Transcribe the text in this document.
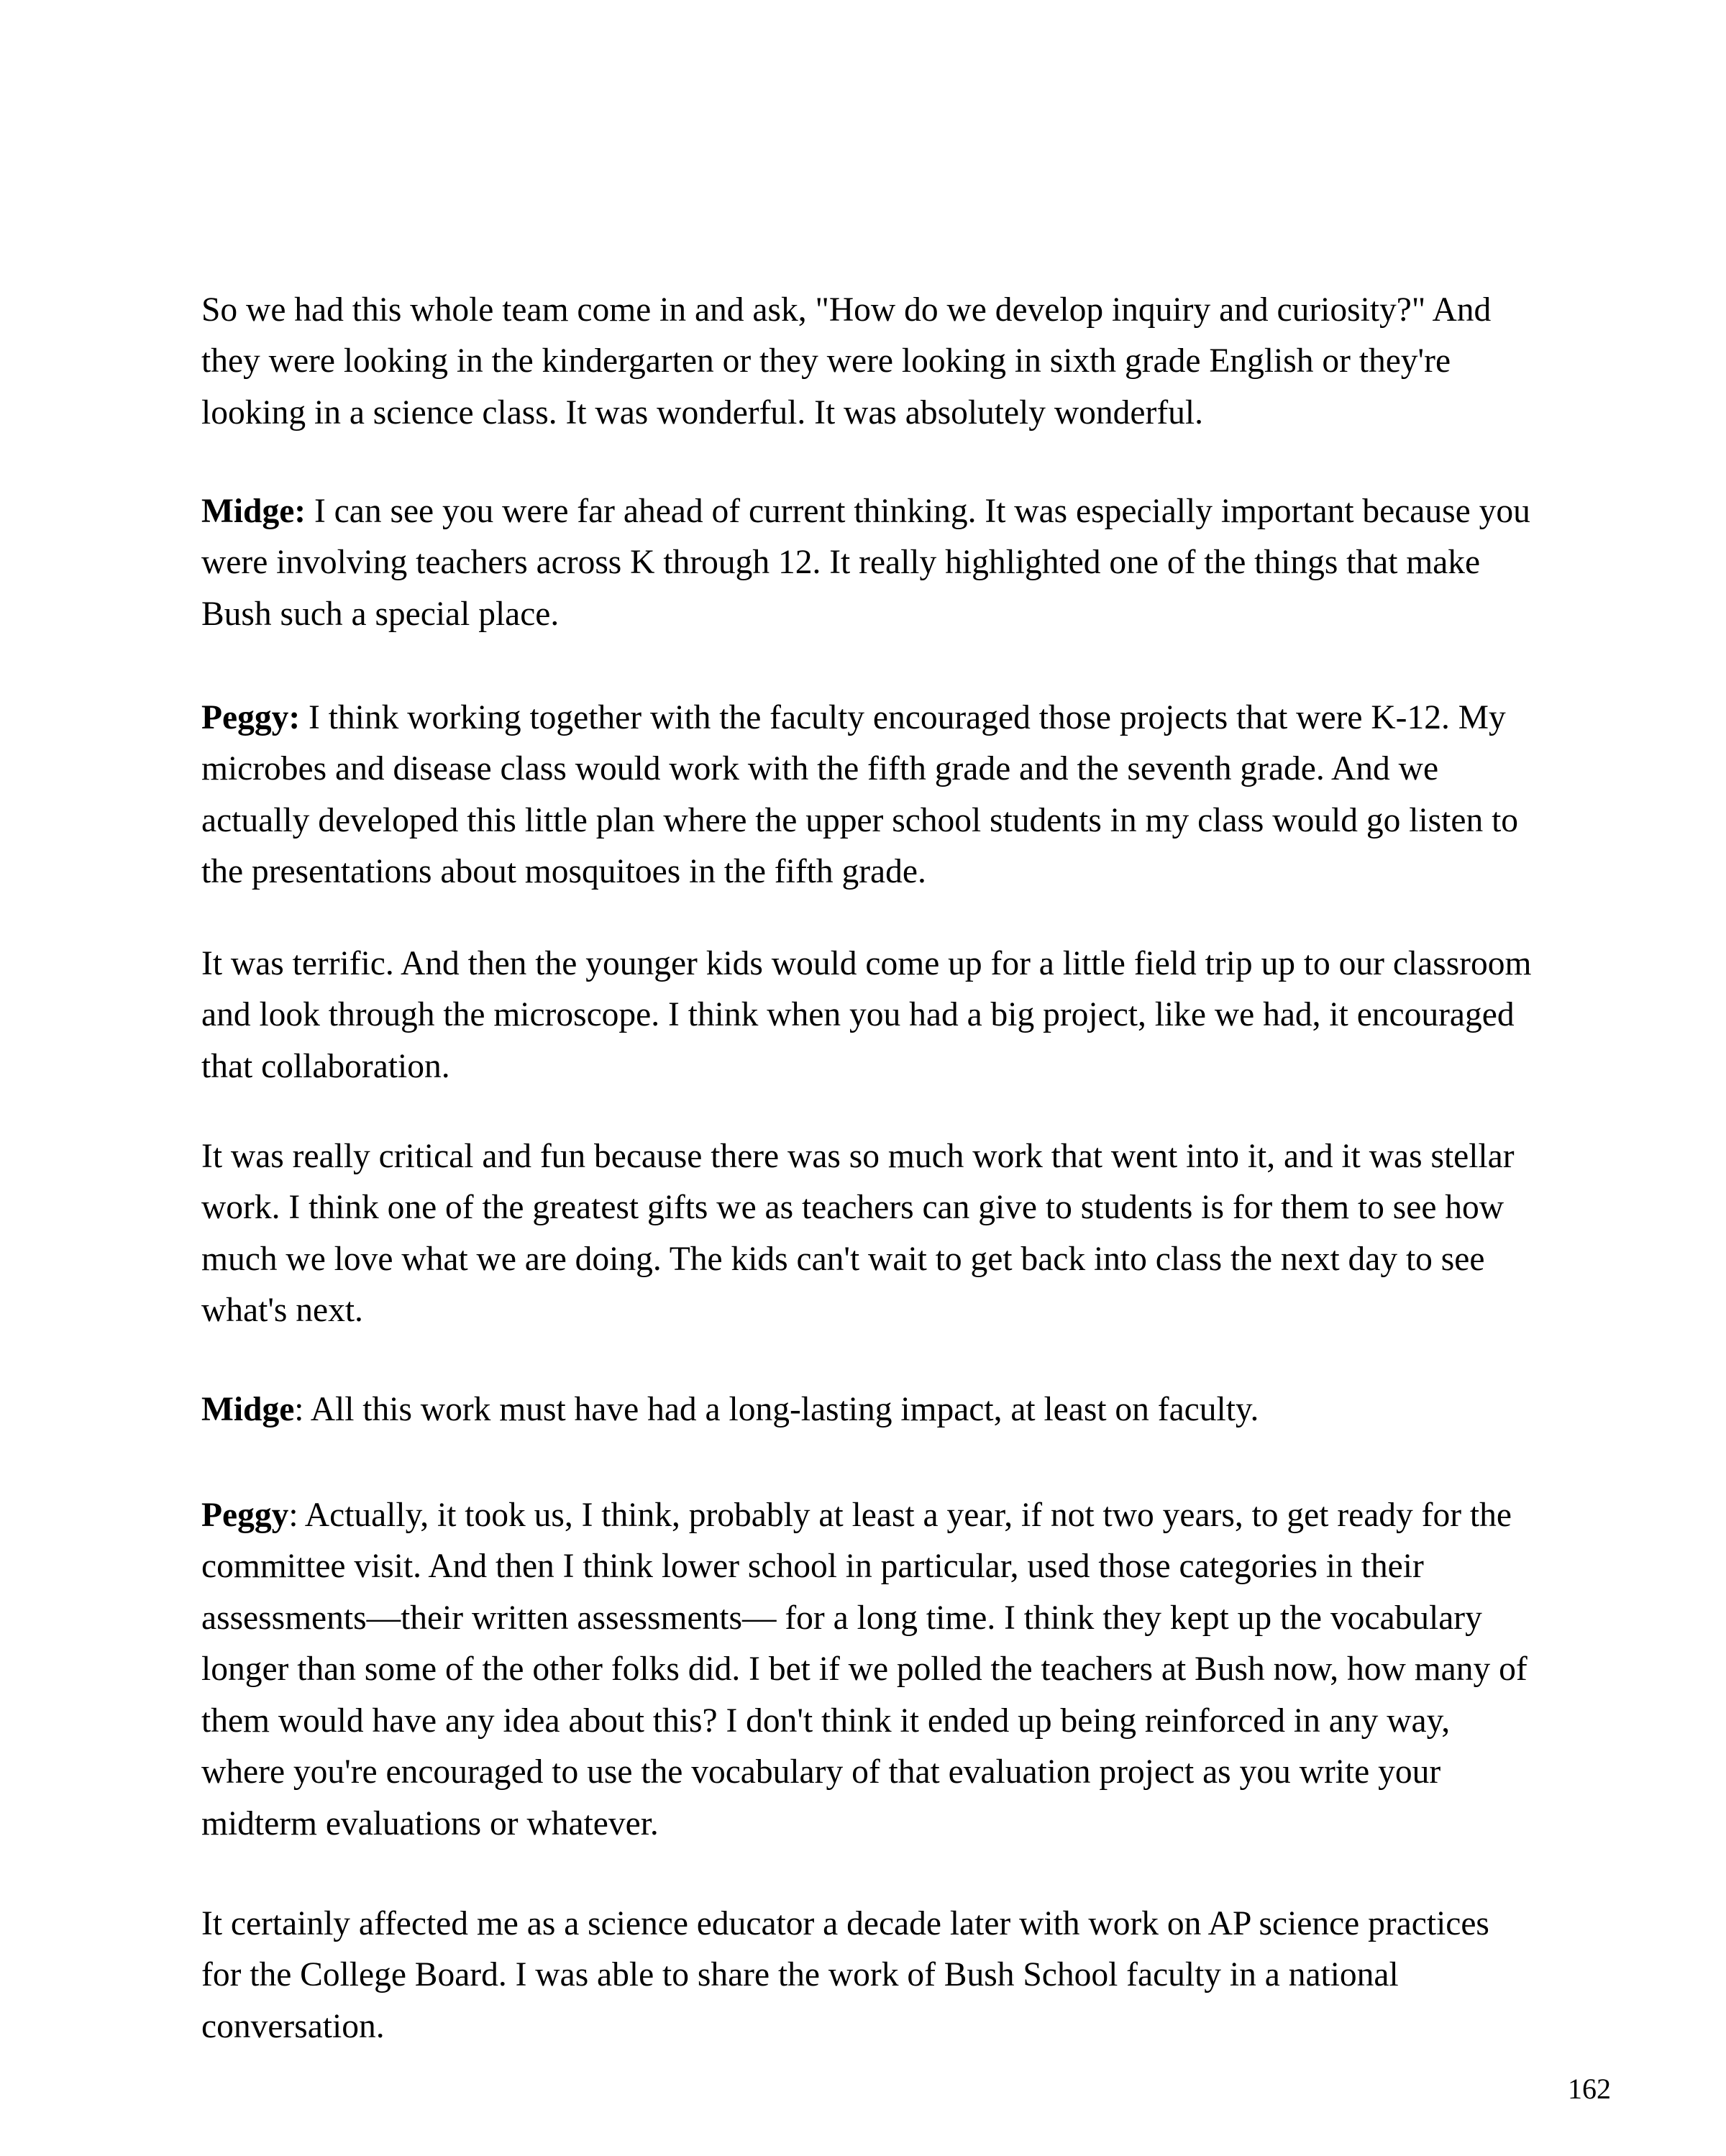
So we had this whole team come in and ask, "How do we develop inquiry and curiosity?" And
they were looking in the kindergarten or they were looking in sixth grade English or they're
looking in a science class. It was wonderful. It was absolutely wonderful.

Midge: I can see you were far ahead of current thinking. It was especially important because you
were involving teachers across K through 12. It really highlighted one of the things that make
Bush such a special place.

Peggy: I think working together with the faculty encouraged those projects that were K-12. My
microbes and disease class would work with the fifth grade and the seventh grade. And we
actually developed this little plan where the upper school students in my class would go listen to
the presentations about mosquitoes in the fifth grade.

It was terrific. And then the younger kids would come up for a little field trip up to our classroom
and look through the microscope. I think when you had a big project, like we had, it encouraged
that collaboration.

It was really critical and fun because there was so much work that went into it, and it was stellar
work. I think one of the greatest gifts we as teachers can give to students is for them to see how
much we love what we are doing. The kids can't wait to get back into class the next day to see
what's next.

Midge: All this work must have had a long-lasting impact, at least on faculty.

Peggy: Actually, it took us, I think, probably at least a year, if not two years, to get ready for the
committee visit. And then I think lower school in particular, used those categories in their
assessments—their written assessments— for a long time. I think they kept up the vocabulary
longer than some of the other folks did. I bet if we polled the teachers at Bush now, how many of
them would have any idea about this? I don't think it ended up being reinforced in any way,
where you're encouraged to use the vocabulary of that evaluation project as you write your
midterm evaluations or whatever.

It certainly affected me as a science educator a decade later with work on AP science practices
for the College Board. I was able to share the work of Bush School faculty in a national
conversation.

162
